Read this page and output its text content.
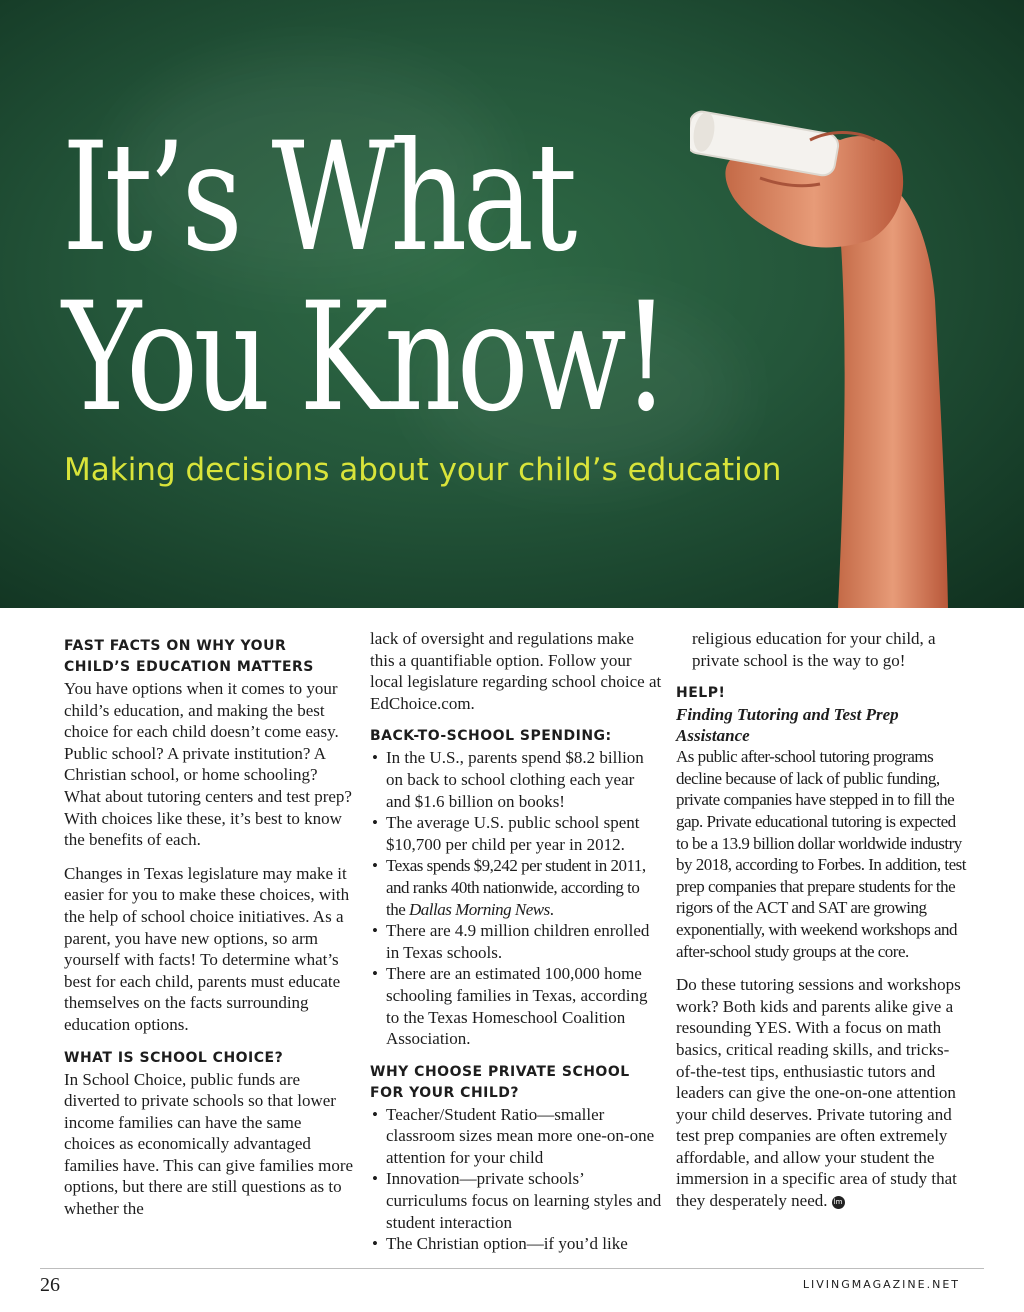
It’s What
You Know!
Making decisions about your child’s education
FAST FACTS ON WHY YOUR
CHILD’S EDUCATION MATTERS

You have options when it comes to your child’s education, and making the best choice for each child doesn’t come easy. Public school? A private institution? A Christian school, or home schooling? What about tutoring centers and test prep? With choices like these, it’s best to know the benefits of each.

Changes in Texas legislature may make it easier for you to make these choices, with the help of school choice initiatives. As a parent, you have new options, so arm yourself with facts! To determine what’s best for each child, parents must educate themselves on the facts surrounding education options.

WHAT IS SCHOOL CHOICE?

In School Choice, public funds are diverted to private schools so that lower income families can have the same choices as economically advantaged families have. This can give families more options, but there are still questions as to whether the

lack of oversight and regulations make this a quantifiable option. Follow your local legislature regarding school choice at EdChoice.com.

BACK-TO-SCHOOL SPENDING:
• In the U.S., parents spend $8.2 billion on back to school clothing each year and $1.6 billion on books!
• The average U.S. public school spent $10,700 per child per year in 2012.
• Texas spends $9,242 per student in 2011, and ranks 40th nationwide, according to the Dallas Morning News.
• There are 4.9 million children enrolled in Texas schools.
• There are an estimated 100,000 home schooling families in Texas, according to the Texas Homeschool Coalition Association.
WHY CHOOSE PRIVATE SCHOOL
FOR YOUR CHILD?
• Teacher/Student Ratio—smaller classroom sizes mean more one-on-one attention for your child
• Innovation—private schools’ curriculums focus on learning styles and student interaction
• The Christian option—if you’d like

religious education for your child, a private school is the way to go!

HELP!
Finding Tutoring and Test Prep Assistance

As public after-school tutoring programs decline because of lack of public funding, private companies have stepped in to fill the gap. Private educational tutoring is expected to be a 13.9 billion dollar worldwide industry by 2018, according to Forbes. In addition, test prep companies that prepare students for the rigors of the ACT and SAT are growing exponentially, with weekend workshops and after-school study groups at the core.

Do these tutoring sessions and workshops work? Both kids and parents alike give a resounding YES. With a focus on math basics, critical reading skills, and tricks-of-the-test tips, enthusiastic tutors and leaders can give the one-on-one attention your child deserves. Private tutoring and test prep companies are often extremely affordable, and allow your student the immersion in a specific area of study that they desperately need. lm

26	LIVINGMAGAZINE.NET
